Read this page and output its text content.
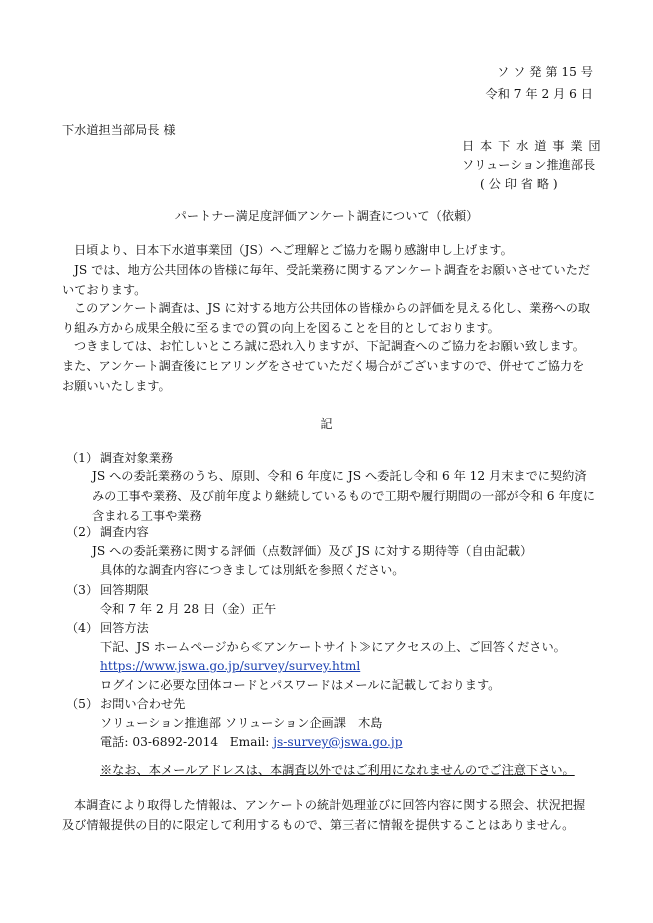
ソ ソ 発 第 15 号
令和 7 年 2 月 6 日
下水道担当部局長 様
日 本 下 水 道 事 業 団
ソリューション推進部長
( 公 印 省 略 )
パートナー満足度評価アンケート調査について（依頼）
日頃より、日本下水道事業団（JS）へご理解とご協力を賜り感謝申し上げます。
JS では、地方公共団体の皆様に毎年、受託業務に関するアンケート調査をお願いさせていただいております。
このアンケート調査は、JS に対する地方公共団体の皆様からの評価を見える化し、業務への取り組み方から成果全般に至るまでの質の向上を図ることを目的としております。
つきましては、お忙しいところ誠に恐れ入りますが、下記調査へのご協力をお願い致します。また、アンケート調査後にヒアリングをさせていただく場合がございますので、併せてご協力をお願いいたします。
記
（1） 調査対象業務
JS への委託業務のうち、原則、令和 6 年度に JS へ委託し令和 6 年 12 月末までに契約済みの工事や業務、及び前年度より継続しているもので工期や履行期間の一部が令和 6 年度に含まれる工事や業務
（2） 調査内容
JS への委託業務に関する評価（点数評価）及び JS に対する期待等（自由記載）
具体的な調査内容につきましては別紙を参照ください。
（3） 回答期限
令和 7 年 2 月 28 日（金）正午
（4） 回答方法
下記、JS ホームページから≪アンケートサイト≫にアクセスの上、ご回答ください。
https://www.jswa.go.jp/survey/survey.html
ログインに必要な団体コードとパスワードはメールに記載しております。
（5） お問い合わせ先
ソリューション推進部 ソリューション企画課　木島
電話: 03-6892-2014 Email: js-survey@jswa.go.jp
※なお、本メールアドレスは、本調査以外ではご利用になれませんのでご注意下さい。
本調査により取得した情報は、アンケートの統計処理並びに回答内容に関する照会、状況把握及び情報提供の目的に限定して利用するもので、第三者に情報を提供することはありません。
